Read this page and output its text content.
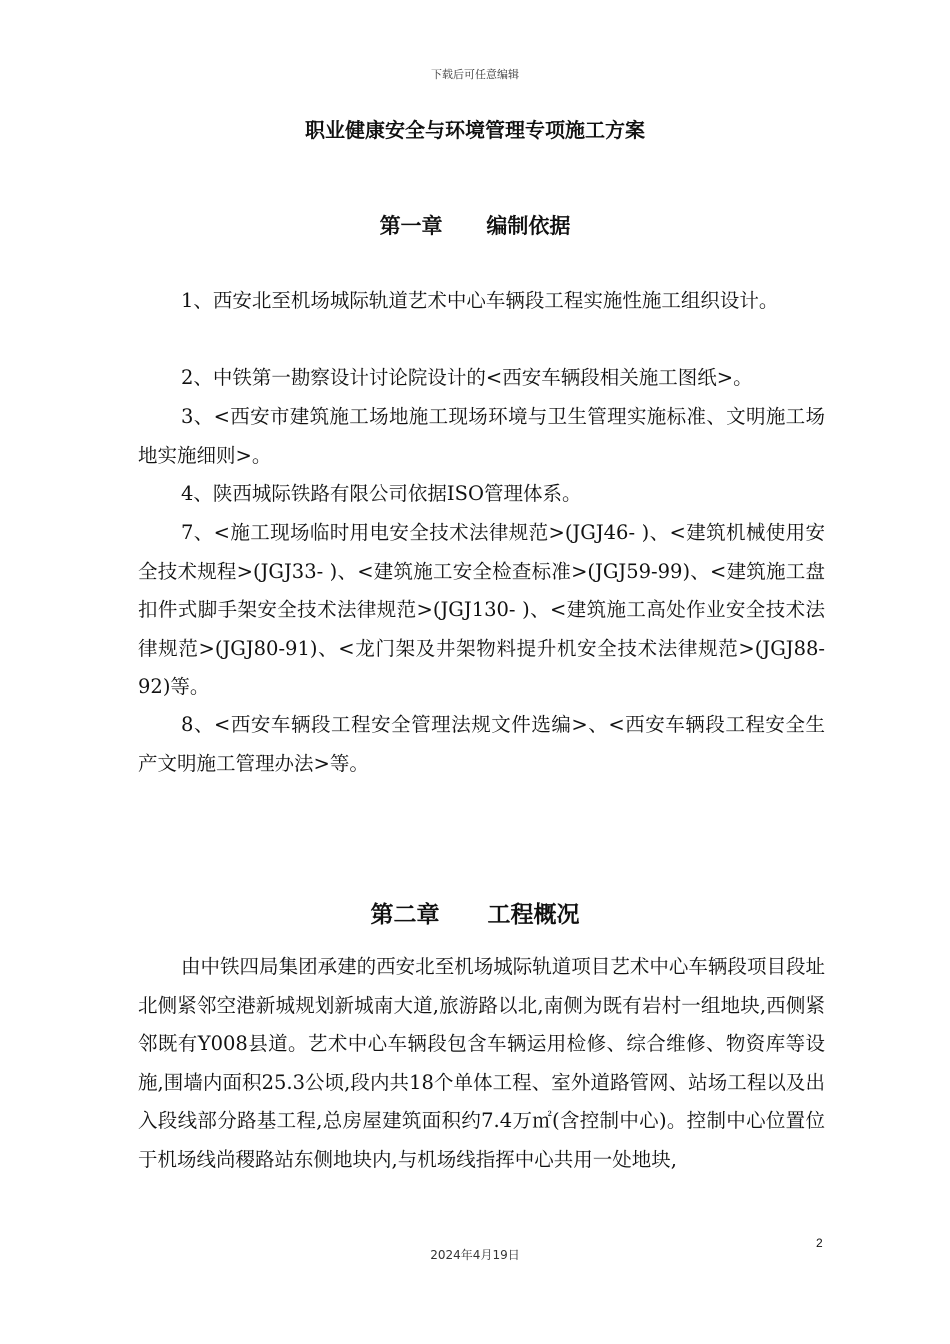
下载后可任意编辑
职业健康安全与环境管理专项施工方案
第一章      编制依据

1、西安北至机场城际轨道艺术中心车辆段工程实施性施工组织设计。

2、中铁第一勘察设计讨论院设计的<西安车辆段相关施工图纸>。

3、<西安市建筑施工场地施工现场环境与卫生管理实施标准、文明施工场地实施细则>。

4、陕西城际铁路有限公司依据ISO管理体系。

7、<施工现场临时用电安全技术法律规范>(JGJ46- )、<建筑机械使用安全技术规程>(JGJ33- )、<建筑施工安全检查标准>(JGJ59-99)、<建筑施工盘扣件式脚手架安全技术法律规范>(JGJ130- )、<建筑施工高处作业安全技术法律规范>(JGJ80-91)、<龙门架及井架物料提升机安全技术法律规范>(JGJ88-92)等。

8、<西安车辆段工程安全管理法规文件选编>、<西安车辆段工程安全生产文明施工管理办法>等。

第二章      工程概况

由中铁四局集团承建的西安北至机场城际轨道项目艺术中心车辆段项目段址北侧紧邻空港新城规划新城南大道,旅游路以北,南侧为既有岩村一组地块,西侧紧邻既有Y008县道。艺术中心车辆段包含车辆运用检修、综合维修、物资库等设施,围墙内面积25.3公顷,段内共18个单体工程、室外道路管网、站场工程以及出入段线部分路基工程,总房屋建筑面积约7.4万㎡(含控制中心)。控制中心位置位于机场线尚稷路站东侧地块内,与机场线指挥中心共用一处地块,

2
2024年4月19日
